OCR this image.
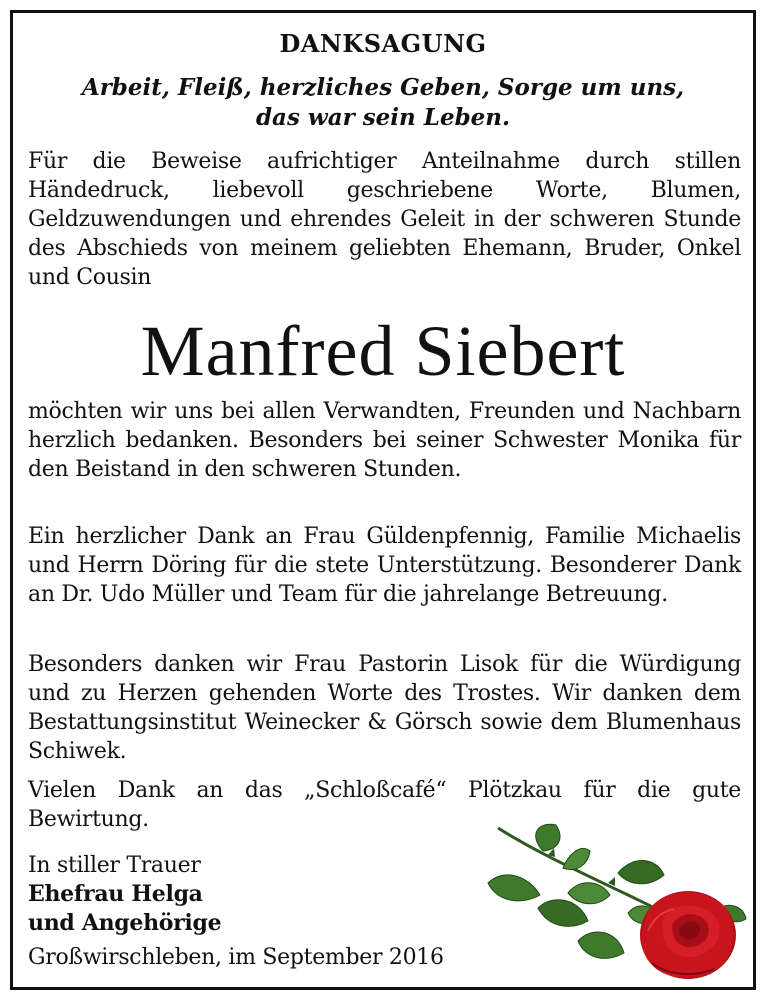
DANKSAGUNG
Arbeit, Fleiß, herzliches Geben, Sorge um uns,
das war sein Leben.
Für die Beweise aufrichtiger Anteilnahme durch stillen Händedruck, liebevoll geschriebene Worte, Blumen, Geldzuwendungen und ehrendes Geleit in der schweren Stunde des Abschieds von meinem geliebten Ehemann, Bruder, Onkel und Cousin
Manfred Siebert
möchten wir uns bei allen Verwandten, Freunden und Nachbarn herzlich bedanken. Besonders bei seiner Schwester Monika für den Beistand in den schweren Stunden.
Ein herzlicher Dank an Frau Güldenpfennig, Familie Michaelis und Herrn Döring für die stete Unterstützung. Besonderer Dank an Dr. Udo Müller und Team für die jahrelange Betreuung.
Besonders danken wir Frau Pastorin Lisok für die Würdigung und zu Herzen gehenden Worte des Trostes. Wir danken dem Bestattungsinstitut Weinecker & Görsch sowie dem Blumenhaus Schiwek.
Vielen Dank an das „Schloßcafé“ Plötzkau für die gute Bewirtung.
In stiller Trauer
Ehefrau Helga
und Angehörige
Großwirschleben, im September 2016
